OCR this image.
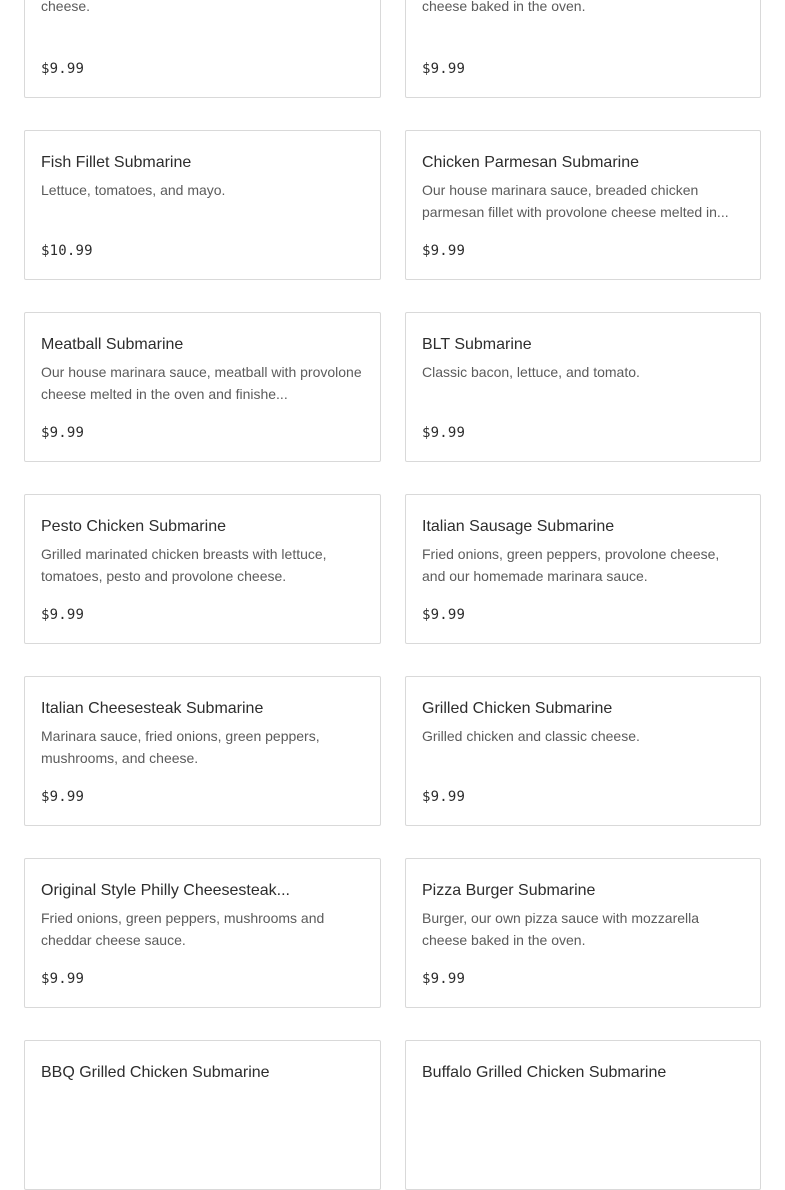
cheese.
$9.99
cheese baked in the oven.
$9.99
Fish Fillet Submarine
Lettuce, tomatoes, and mayo.
$10.99
Chicken Parmesan Submarine
Our house marinara sauce, breaded chicken parmesan fillet with provolone cheese melted in...
$9.99
Meatball Submarine
Our house marinara sauce, meatball with provolone cheese melted in the oven and finishe...
$9.99
BLT Submarine
Classic bacon, lettuce, and tomato.
$9.99
Pesto Chicken Submarine
Grilled marinated chicken breasts with lettuce, tomatoes, pesto and provolone cheese.
$9.99
Italian Sausage Submarine
Fried onions, green peppers, provolone cheese, and our homemade marinara sauce.
$9.99
Italian Cheesesteak Submarine
Marinara sauce, fried onions, green peppers, mushrooms, and cheese.
$9.99
Grilled Chicken Submarine
Grilled chicken and classic cheese.
$9.99
Original Style Philly Cheesesteak...
Fried onions, green peppers, mushrooms and cheddar cheese sauce.
$9.99
Pizza Burger Submarine
Burger, our own pizza sauce with mozzarella cheese baked in the oven.
$9.99
BBQ Grilled Chicken Submarine	Buffalo Grilled Chicken Submarine
